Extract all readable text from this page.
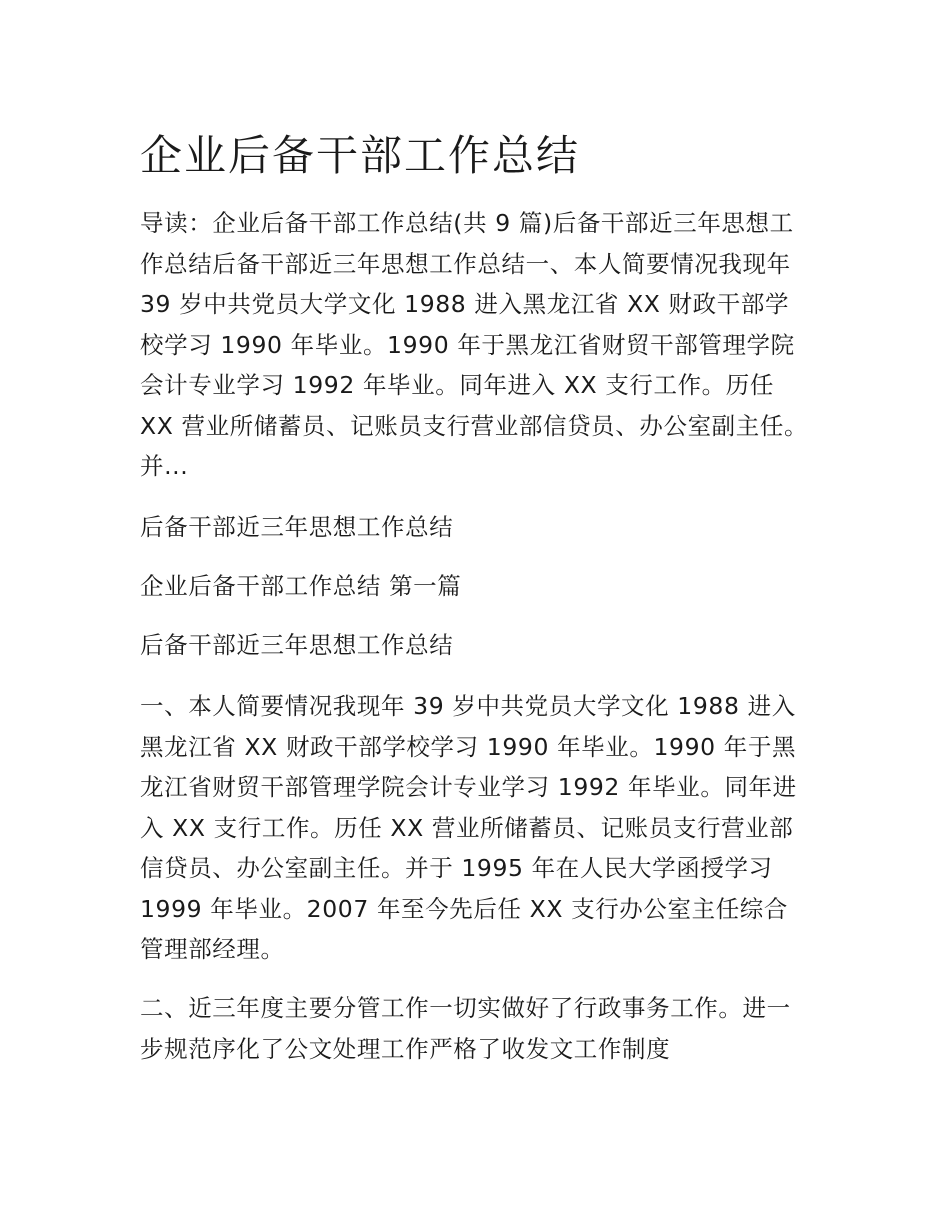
企业后备干部工作总结

导读：企业后备干部工作总结(共 9 篇)后备干部近三年思想工作总结后备干部近三年思想工作总结一、本人简要情况我现年 39 岁中共党员大学文化 1988 进入黑龙江省 XX 财政干部学校学习 1990 年毕业。1990 年于黑龙江省财贸干部管理学院会计专业学习 1992 年毕业。同年进入 XX 支行工作。历任 XX 营业所储蓄员、记账员支行营业部信贷员、办公室副主任。并...

后备干部近三年思想工作总结

企业后备干部工作总结 第一篇

后备干部近三年思想工作总结

一、本人简要情况我现年 39 岁中共党员大学文化 1988 进入黑龙江省 XX 财政干部学校学习 1990 年毕业。1990 年于黑龙江省财贸干部管理学院会计专业学习 1992 年毕业。同年进入 XX 支行工作。历任 XX 营业所储蓄员、记账员支行营业部信贷员、办公室副主任。并于 1995 年在人民大学函授学习 1999 年毕业。2007 年至今先后任 XX 支行办公室主任综合管理部经理。

二、近三年度主要分管工作一切实做好了行政事务工作。进一步规范序化了公文处理工作严格了收发文工作制度
